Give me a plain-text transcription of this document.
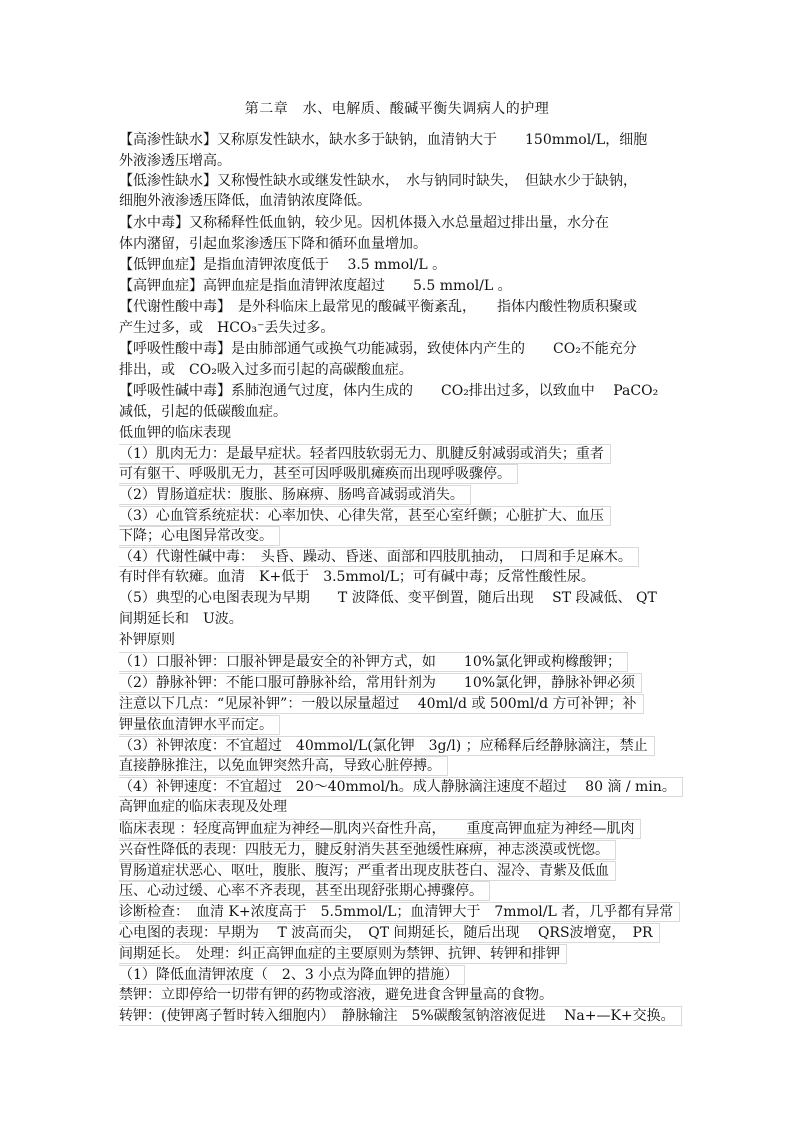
第二章　水、电解质、酸碱平衡失调病人的护理
【高渗性缺水】又称原发性缺水，缺水多于缺钠，血清钠大于　　150mmol/L，细胞
外液渗透压增高。
【低渗性缺水】又称慢性缺水或继发性缺水，　水与钠同时缺失，　但缺水少于缺钠，
细胞外液渗透压降低，血清钠浓度降低。
【水中毒】又称稀释性低血钠，较少见。因机体摄入水总量超过排出量，水分在
体内潴留，引起血浆渗透压下降和循环血量增加。
【低钾血症】是指血清钾浓度低于　 3.5 mmol/L 。
【高钾血症】高钾血症是指血清钾浓度超过　　5.5 mmol/L 。
【代谢性酸中毒】　是外科临床上最常见的酸碱平衡紊乱，　　指体内酸性物质积聚或
产生过多，或　HCO₃⁻丢失过多。
【呼吸性酸中毒】是由肺部通气或换气功能减弱，致使体内产生的　　CO₂不能充分
排出，或　CO₂吸入过多而引起的高碳酸血症。
【呼吸性碱中毒】系肺泡通气过度，体内生成的　　CO₂排出过多，以致血中　 PaCO₂
减低，引起的低碳酸血症。
低血钾的临床表现
（1）肌肉无力：是最早症状。轻者四肢软弱无力、肌腱反射减弱或消失；重者
可有躯干、呼吸肌无力，甚至可因呼吸肌瘫痪而出现呼吸骤停。
（2）胃肠道症状：腹胀、肠麻痹、肠鸣音减弱或消失。
（3）心血管系统症状：心率加快、心律失常，甚至心室纤颤；心脏扩大、血压
下降；心电图异常改变。
（4）代谢性碱中毒：　头昏、躁动、昏迷、面部和四肢肌抽动，　口周和手足麻木。
有时伴有软瘫。血清　K+低于　3.5mmol/L；可有碱中毒；反常性酸性尿。
（5）典型的心电图表现为早期　　T 波降低、变平倒置，随后出现　 ST 段减低、 QT
间期延长和　U波。
补钾原则
（1）口服补钾：口服补钾是最安全的补钾方式，如　　10%氯化钾或枸橼酸钾；
（2）静脉补钾：不能口服可静脉补给，常用针剂为　　10%氯化钾，静脉补钾必须
注意以下几点：“见尿补钾”：一般以尿量超过　 40ml/d 或 500ml/d 方可补钾；补
钾量依血清钾水平而定。
（3）补钾浓度：不宜超过　40mmol/L(氯化钾　3g/l) ；应稀释后经静脉滴注，禁止
直接静脉推注，以免血钾突然升高，导致心脏停搏。
（4）补钾速度：不宜超过　20～40mmol/h。成人静脉滴注速度不超过　 80 滴 / min。
高钾血症的临床表现及处理
临床表现 ：轻度高钾血症为神经—肌肉兴奋性升高，　　重度高钾血症为神经—肌肉
兴奋性降低的表现：四肢无力，腱反射消失甚至弛缓性麻痹，神志淡漠或恍惚。
胃肠道症状恶心、呕吐，腹胀、腹泻；严重者出现皮肤苍白、湿冷、青紫及低血
压、心动过缓、心率不齐表现，甚至出现舒张期心搏骤停。
诊断检查：　血清 K+浓度高于　5.5mmol/L；血清钾大于　7mmol/L 者，几乎都有异常
心电图的表现：早期为　 T 波高而尖，　QT 间期延长，随后出现　 QRS波增宽，　PR
间期延长。　处理：纠正高钾血症的主要原则为禁钾、抗钾、转钾和排钾
（1）降低血清钾浓度（　2、3 小点为降血钾的措施）
禁钾：立即停给一切带有钾的药物或溶液，避免进食含钾量高的食物。
转钾：(使钾离子暂时转入细胞内）　静脉输注　5%碳酸氢钠溶液促进　 Na+—K+交换。
